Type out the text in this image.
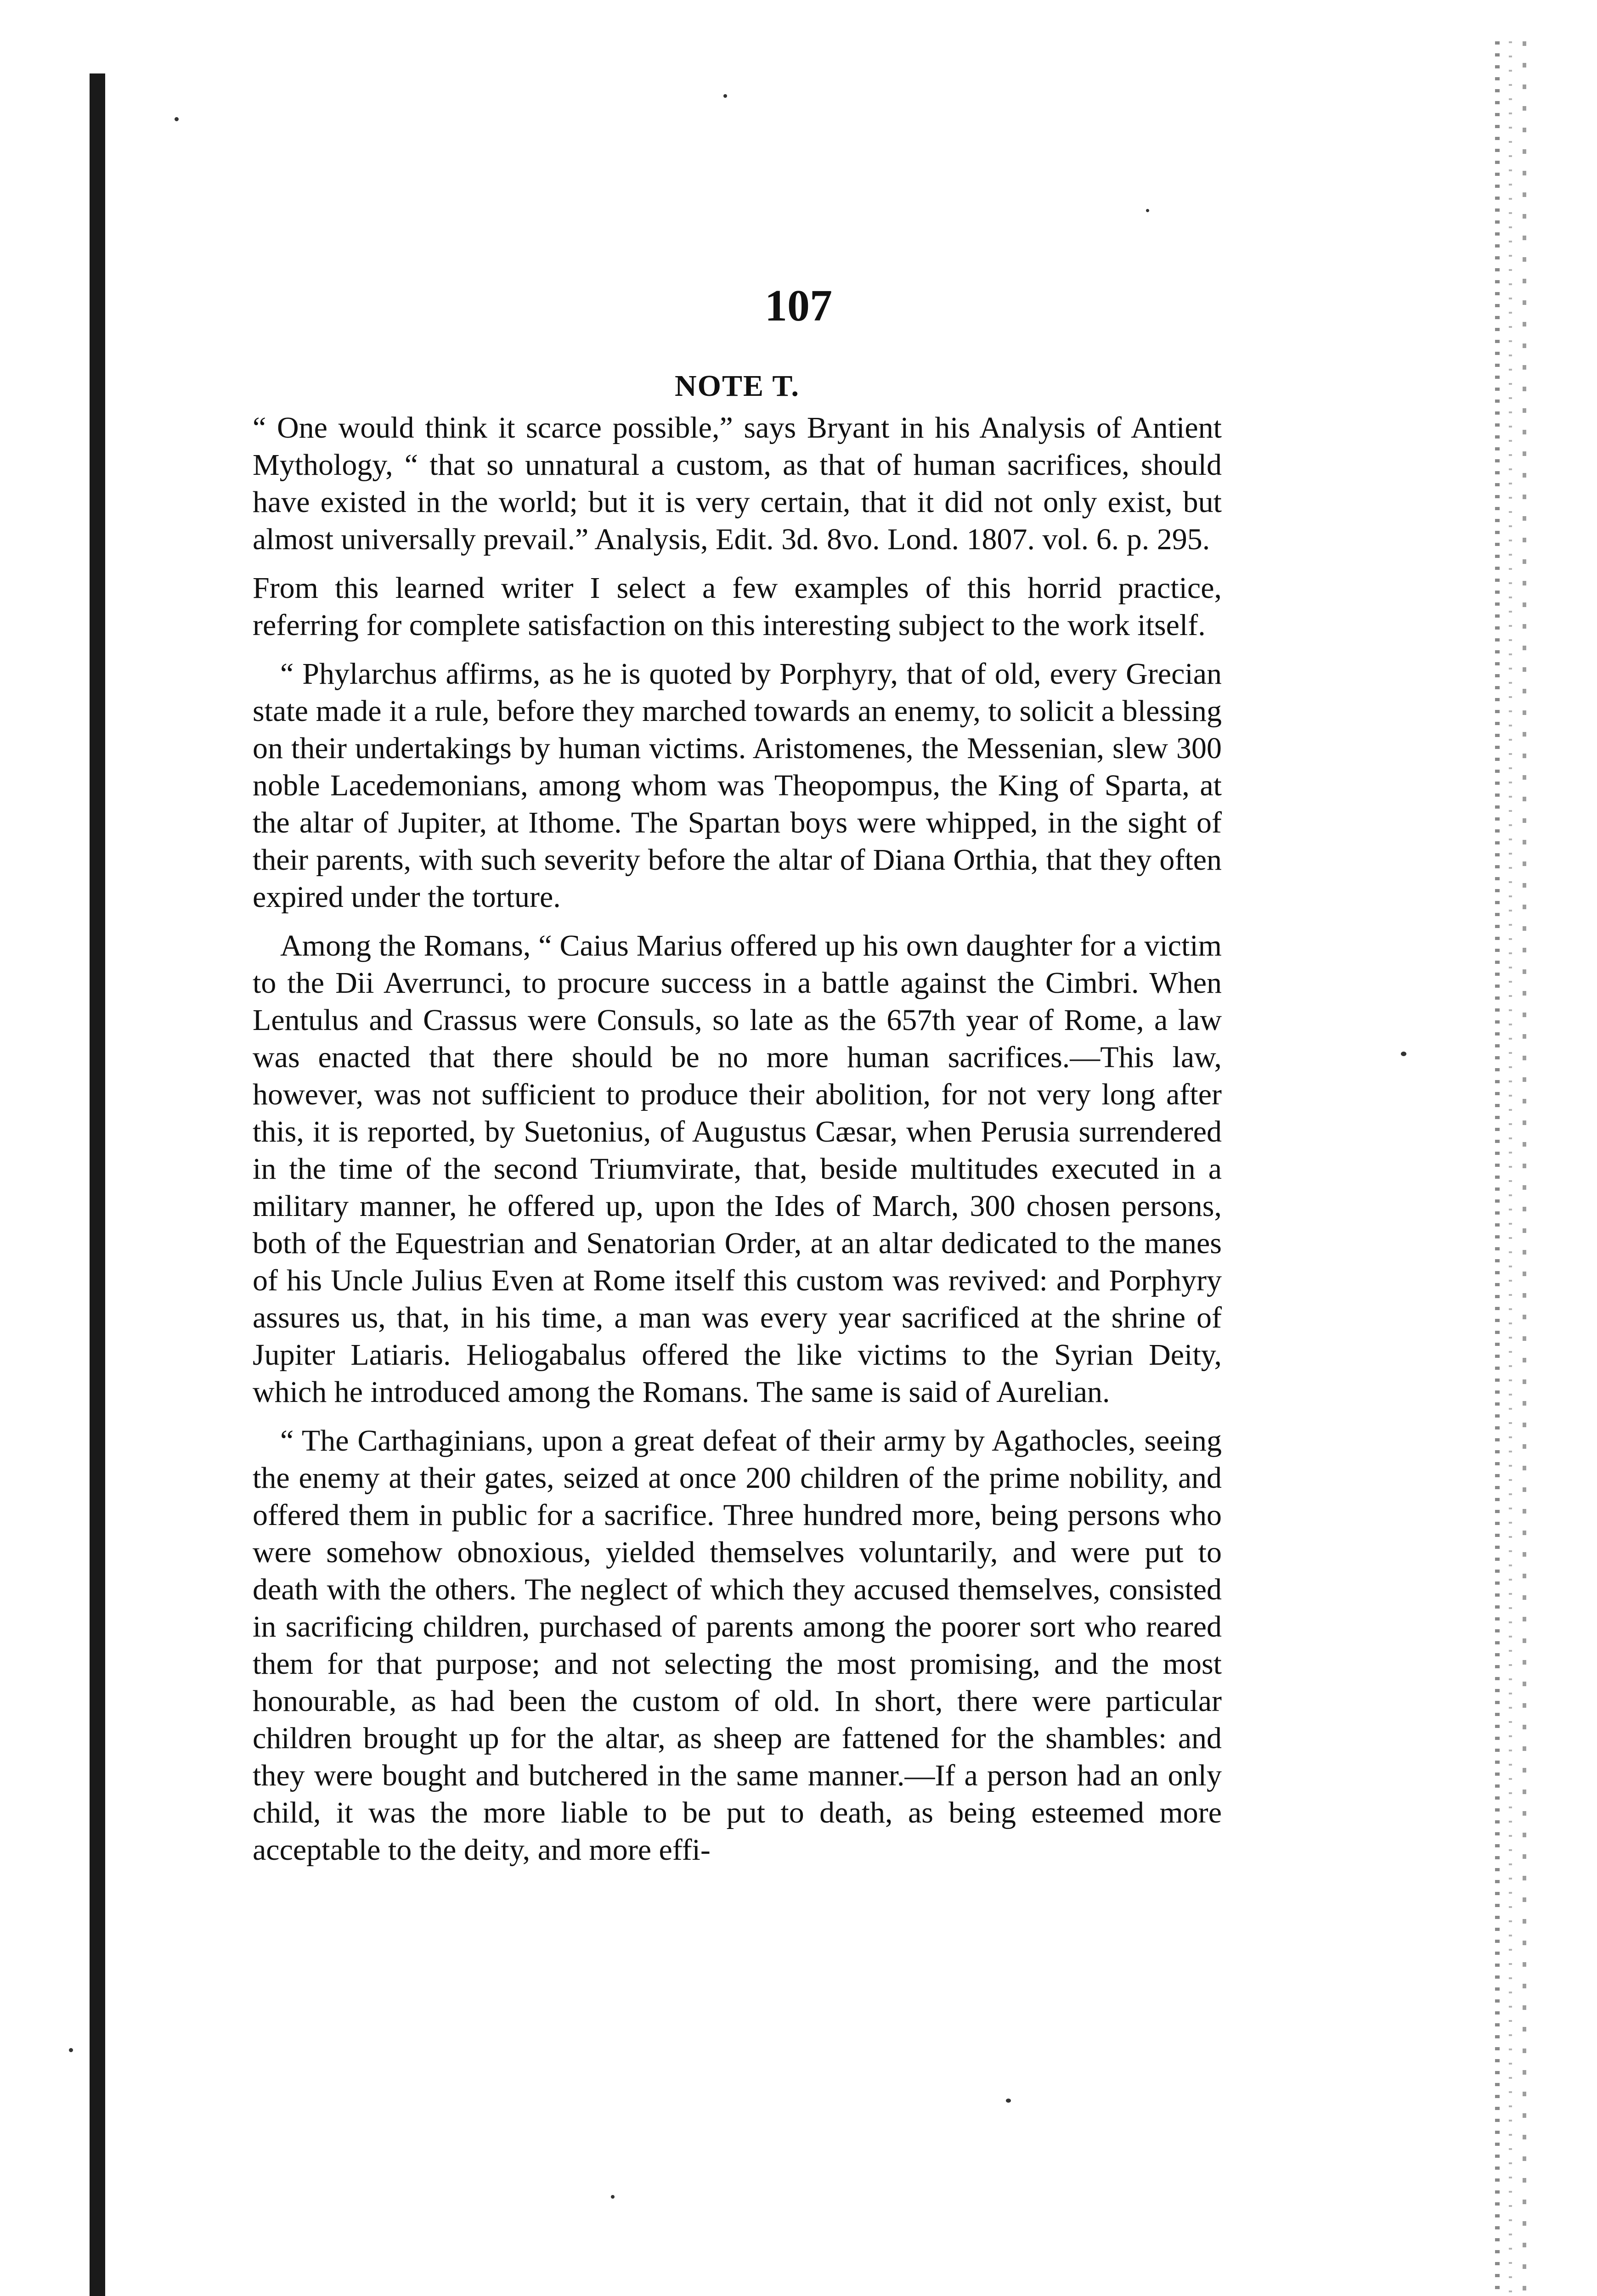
107
NOTE T.

“ One would think it scarce possible,” says Bryant in his Analysis of Antient Mythology, “ that so unnatural a custom, as that of human sacrifices, should have existed in the world; but it is very certain, that it did not only exist, but almost universally prevail.” Analysis, Edit. 3d. 8vo. Lond. 1807. vol. 6. p. 295.

From this learned writer I select a few examples of this horrid practice, referring for complete satisfaction on this interesting subject to the work itself.

“ Phylarchus affirms, as he is quoted by Porphyry, that of old, every Grecian state made it a rule, before they marched towards an enemy, to solicit a blessing on their undertakings by human victims. Aristomenes, the Messenian, slew 300 noble Lacedemonians, among whom was Theopompus, the King of Sparta, at the altar of Jupiter, at Ithome. The Spartan boys were whipped, in the sight of their parents, with such severity before the altar of Diana Orthia, that they often expired under the torture.

Among the Romans, “ Caius Marius offered up his own daughter for a victim to the Dii Averrunci, to procure success in a battle against the Cimbri. When Lentulus and Crassus were Consuls, so late as the 657th year of Rome, a law was enacted that there should be no more human sacrifices.—This law, however, was not sufficient to produce their abolition, for not very long after this, it is reported, by Suetonius, of Augustus Cæsar, when Perusia surrendered in the time of the second Triumvirate, that, beside multitudes executed in a military manner, he offered up, upon the Ides of March, 300 chosen persons, both of the Equestrian and Senatorian Order, at an altar dedicated to the manes of his Uncle Julius Even at Rome itself this custom was revived: and Porphyry assures us, that, in his time, a man was every year sacrificed at the shrine of Jupiter Latiaris. Heliogabalus offered the like victims to the Syrian Deity, which he introduced among the Romans. The same is said of Aurelian.

“ The Carthaginians, upon a great defeat of their army by Agathocles, seeing the enemy at their gates, seized at once 200 children of the prime nobility, and offered them in public for a sacrifice. Three hundred more, being persons who were somehow obnoxious, yielded themselves voluntarily, and were put to death with the others. The neglect of which they accused themselves, consisted in sacrificing children, purchased of parents among the poorer sort who reared them for that purpose; and not selecting the most promising, and the most honourable, as had been the custom of old. In short, there were particular children brought up for the altar, as sheep are fattened for the shambles: and they were bought and butchered in the same manner.—If a person had an only child, it was the more liable to be put to death, as being esteemed more acceptable to the deity, and more effi-
